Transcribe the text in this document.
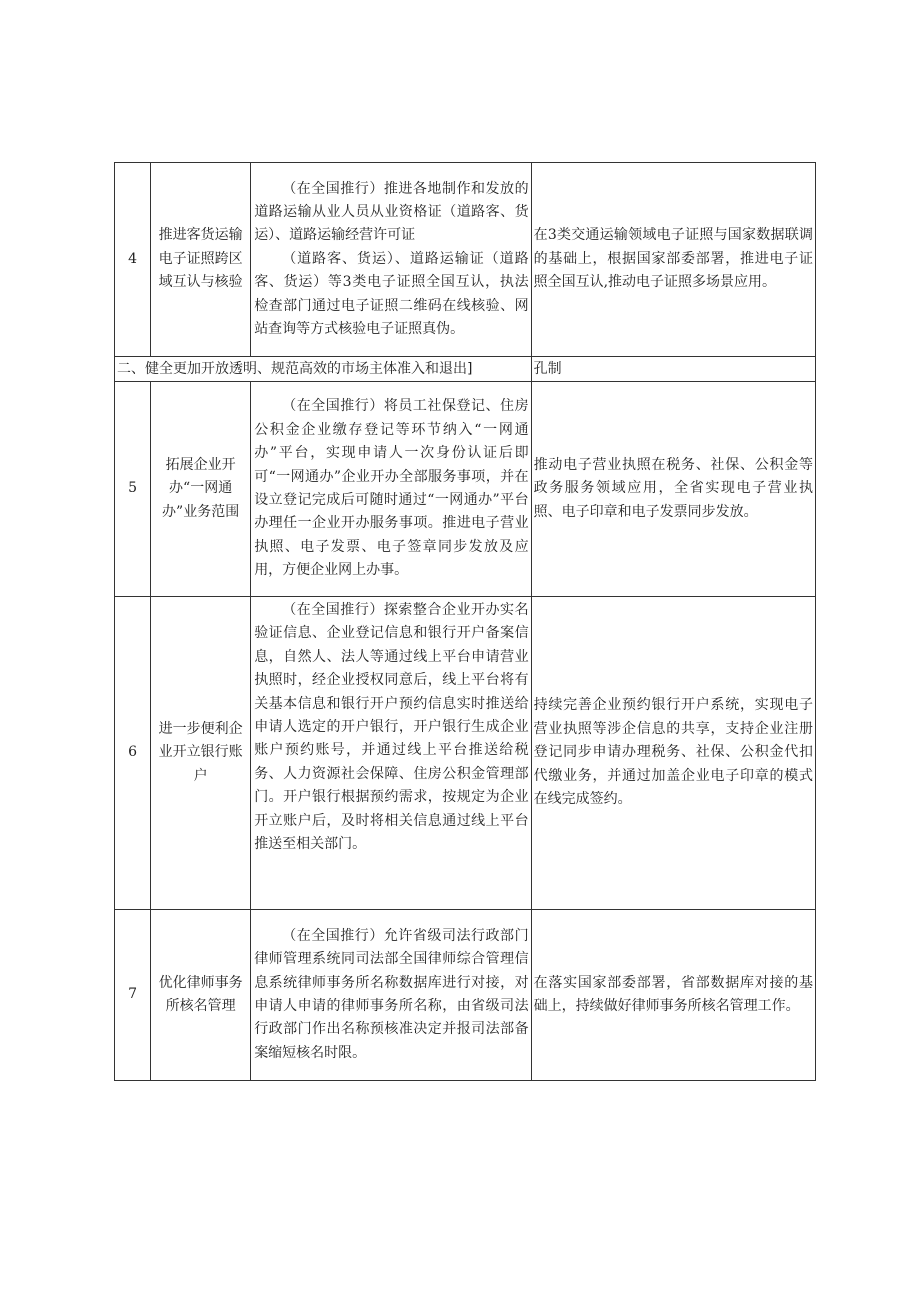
4	推进客货运输电子证照跨区域互认与核验	（在全国推行）推进各地制作和发放的道路运输从业人员从业资格证（道路客、货运）、道路运输经营许可证
（道路客、货运）、道路运输证（道路客、货运）等3类电子证照全国互认，执法检查部门通过电子证照二维码在线核验、网站查询等方式核验电子证照真伪。	在3类交通运输领域电子证照与国家数据联调的基础上，根据国家部委部署，推进电子证照全国互认,推动电子证照多场景应用。
二、健全更加开放透明、规范高效的市场主体准入和退出]			孔制
5	拓展企业开办“一网通办”业务范围	（在全国推行）将员工社保登记、住房公积金企业缴存登记等环节纳入“一网通办”平台，实现申请人一次身份认证后即可“一网通办”企业开办全部服务事项，并在设立登记完成后可随时通过“一网通办”平台办理任一企业开办服务事项。推进电子营业执照、电子发票、电子签章同步发放及应用，方便企业网上办事。	推动电子营业执照在税务、社保、公积金等政务服务领域应用，全省实现电子营业执照、电子印章和电子发票同步发放。
6	进一步便利企业开立银行账户	（在全国推行）探索整合企业开办实名验证信息、企业登记信息和银行开户备案信息，自然人、法人等通过线上平台申请营业执照时，经企业授权同意后，线上平台将有关基本信息和银行开户预约信息实时推送给申请人选定的开户银行，开户银行生成企业账户预约账号，并通过线上平台推送给税务、人力资源社会保障、住房公积金管理部门。开户银行根据预约需求，按规定为企业开立账户后，及时将相关信息通过线上平台推送至相关部门。	持续完善企业预约银行开户系统，实现电子营业执照等涉企信息的共享，支持企业注册登记同步申请办理税务、社保、公积金代扣代缴业务，并通过加盖企业电子印章的模式在线完成签约。
7	优化律师事务所核名管理	（在全国推行）允许省级司法行政部门律师管理系统同司法部全国律师综合管理信息系统律师事务所名称数据库进行对接，对申请人申请的律师事务所名称，由省级司法行政部门作出名称预核准决定并报司法部备案缩短核名时限。	在落实国家部委部署，省部数据库对接的基础上，持续做好律师事务所核名管理工作。
